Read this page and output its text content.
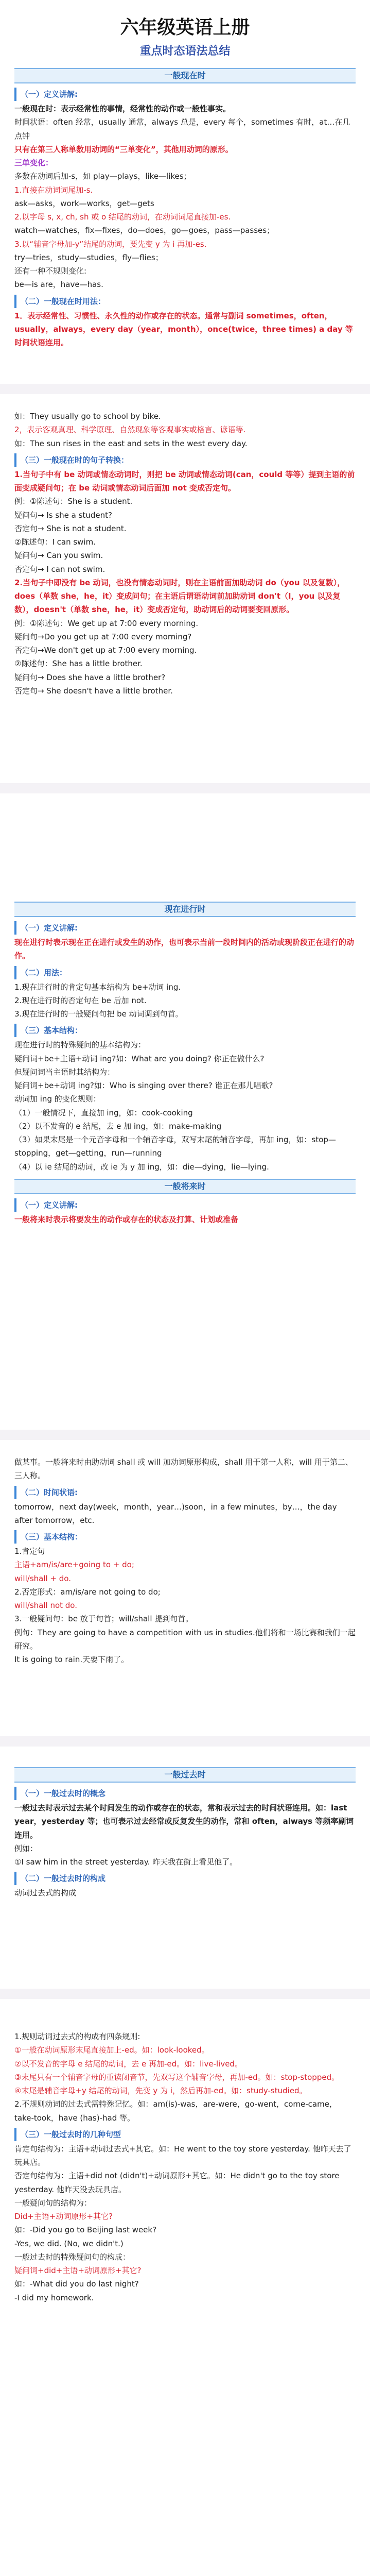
六年级英语上册
重点时态语法总结
一般现在时
（一）定义讲解:

一般现在时：表示经常性的事情，经常性的动作或一般性事实。

时间状语：often 经常，usually 通常，always 总是，every 每个，sometimes 有时，at…在几点钟

只有在第三人称单数用动词的“三单变化”，其他用动词的原形。

三单变化：

多数在动词后加-s，如 play—plays，like—likes；

1.直接在动词词尾加-s.

ask—asks，work—works，get—gets

2.以字母 s, x, ch, sh 或 o 结尾的动词，在动词词尾直接加-es.

watch—watches，fix—fixes，do—does，go—goes，pass—passes；

3.以“辅音字母加-y”结尾的动词，要先变 y 为 i 再加-es.

try—tries，study—studies，fly—flies；

还有一种不规则变化:

be—is are，have—has.

（二）一般现在时用法：

1．表示经常性、习惯性、永久性的动作或存在的状态。通常与副词 sometimes，often，usually，always，every day（year，month），once(twice，three times) a day 等时间状语连用。

如：They usually go to school by bike.

2，表示客观真理、科学原理、自然现象等客观事实或格言、谚语等.

如：The sun rises in the east and sets in the west every day.

（三）一般现在时的句子转换：

1.当句子中有 be 动词或情态动词时，则把 be 动词或情态动词(can，could 等等）提到主语的前面变成疑问句；在 be 动词或情态动词后面加 not 变成否定句。

例：①陈述句：She is a student.

疑问句→ Is she a student?

否定句→ She is not a student.

②陈述句：I can swim.

疑问句→ Can you swim.

否定句→ I can not swim.

2.当句子中即没有 be 动词，也没有情态动词时，则在主语前面加助动词 do（you 以及复数），does（单数 she，he，it）变成问句；在主语后谓语动词前加助动词 don't（I，you 以及复数），doesn't（单数 she，he，it）变成否定句，助动词后的动词要变回原形。

例：①陈述句：We get up at 7:00 every morning.

疑问句→Do you get up at 7:00 every morning?

否定句→We don't get up at 7:00 every morning.

②陈述句：She has a little brother.

疑问句→ Does she have a little brother?

否定句→ She doesn't have a little brother.

现在进行时
（一）定义讲解:

现在进行时表示现在正在进行或发生的动作，也可表示当前一段时间内的活动或现阶段正在进行的动作。

（二）用法：

1.现在进行时的肯定句基本结构为 be+动词 ing.

2.现在进行时的否定句在 be 后加 not.

3.现在进行时的一般疑问句把 be 动词调到句首。

（三）基本结构：

现在进行时的特殊疑问的基本结构为：

疑问词+be+主语+动词 ing?如：What are you doing? 你正在做什么?

但疑问词当主语时其结构为：

疑问词+be+动词 ing?如：Who is singing over there? 谁正在那儿唱歌?

动词加 ing 的变化规则：

（1）一般情况下，直接加 ing，如：cook-cooking

（2）以不发音的 e 结尾，去 e 加 ing，如：make-making

（3）如果末尾是一个元音字母和一个辅音字母，双写末尾的辅音字母，再加 ing，如：stop—stopping，get—getting，run—running

（4）以 ie 结尾的动词，改 ie 为 y 加 ing，如：die—dying，lie—lying.

一般将来时
（一）定义讲解:

一般将来时表示将要发生的动作或存在的状态及打算、计划或准备

做某事。一般将来时由助动词 shall 或 will 加动词原形构成，shall 用于第一人称，will 用于第二、三人称。

（二）时间状语:

tomorrow，next day(week，month，year…)soon，in a few minutes，by…，the day after tomorrow，etc.

（三）基本结构：

1.肯定句

主语+am/is/are+going to + do;

will/shall + do.

2.否定形式：am/is/are not going to do;

will/shall not do.

3.一般疑问句：be 放于句首；will/shall 提到句首。

例句：They are going to have a competition with us in studies.他们将和一场比赛和我们一起研究。

It is going to rain.天要下雨了。

一般过去时
（一）一般过去时的概念

一般过去时表示过去某个时间发生的动作或存在的状态，常和表示过去的时间状语连用。如：last year，yesterday 等；也可表示过去经常或反复发生的动作，常和 often，always 等频率副词连用。

例如：

①I saw him in the street yesterday. 昨天我在街上看见他了。

（二）一般过去时的构成

动词过去式的构成

1.规则动词过去式的构成有四条规则:

①一般在动词原形末尾直接加上-ed。如：look-looked。

②以不发音的字母 e 结尾的动词，去 e 再加-ed。如：live-lived。

③末尾只有一个辅音字母的重读闭音节，先双写这个辅音字母，再加-ed。如：stop-stopped。

④末尾是辅音字母+y 结尾的动词，先变 y 为 i，然后再加-ed。如：study-studied。

2.不规则动词的过去式需特殊记忆。如：am(is)-was，are-were，go-went，come-came，take-took，have (has)-had 等。

（三）一般过去时的几种句型

肯定句结构为：主语+动词过去式+其它。如：He went to the toy store yesterday. 他昨天去了玩具店。

否定句结构为：主语+did not (didn't)+动词原形+其它。如：He didn't go to the toy store yesterday. 他昨天没去玩具店。

一般疑问句的结构为：

Did+主语+动词原形+其它?

如：-Did you go to Beijing last week?

-Yes, we did. (No, we didn't.)

一般过去时的特殊疑问句的构成：

疑问词+did+主语+动词原形+其它?

如：-What did you do last night?

-I did my homework.
